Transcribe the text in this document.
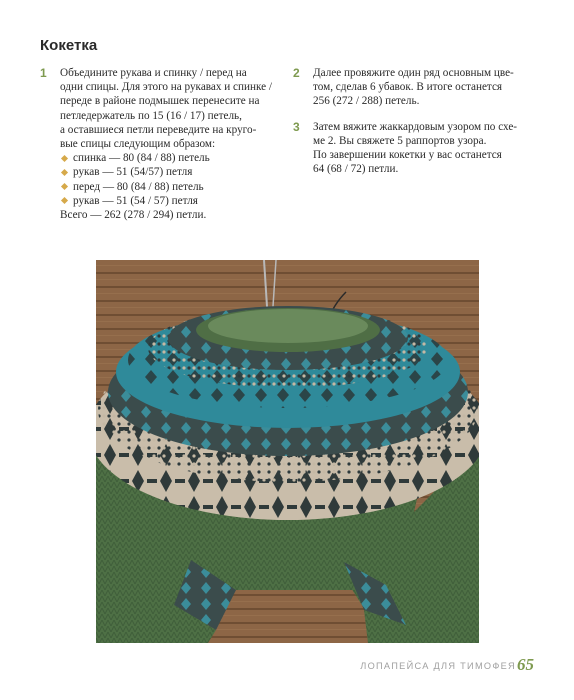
Кокетка
1 Объедините рукава и спинку / перед на
одни спицы. Для этого на рукавах и спинке /
переде в районе подмышек перенесите на
петледержатель по 15 (16 / 17) петель,
а оставшиеся петли переведите на круго-
вые спицы следующим образом:
спинка — 80 (84 / 88) петель
рукав — 51 (54/57) петля
перед — 80 (84 / 88) петель
рукав — 51 (54 / 57) петля
Всего — 262 (278 / 294) петли.
2 Далее провяжите один ряд основным цве-
том, сделав 6 убавок. В итоге останется
256 (272 / 288) петель.
3 Затем вяжите жаккардовым узором по схе-
ме 2. Вы свяжете 5 раппортов узора.
По завершении кокетки у вас останется
64 (68 / 72) петли.
ЛОПАПЕЙСА ДЛЯ ТИМОФЕЯ 65
